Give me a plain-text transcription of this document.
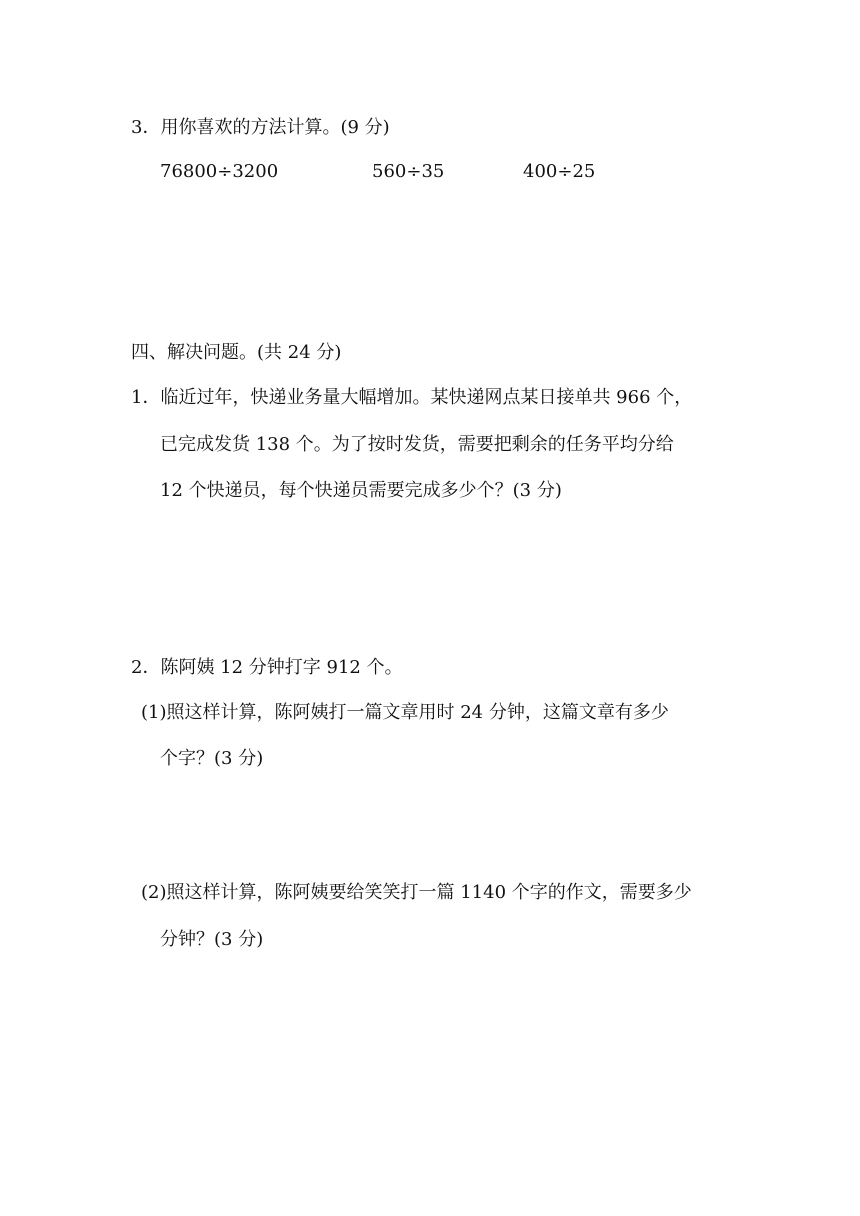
3．用你喜欢的方法计算。(9 分)
76800÷3200	560÷35	400÷25
四、解决问题。(共 24 分)
1．临近过年，快递业务量大幅增加。某快递网点某日接单共 966 个，
已完成发货 138 个。为了按时发货，需要把剩余的任务平均分给
12 个快递员，每个快递员需要完成多少个？(3 分)
2．陈阿姨 12 分钟打字 912 个。
(1)照这样计算，陈阿姨打一篇文章用时 24 分钟，这篇文章有多少
个字？(3 分)
(2)照这样计算，陈阿姨要给笑笑打一篇 1140 个字的作文，需要多少
分钟？(3 分)
